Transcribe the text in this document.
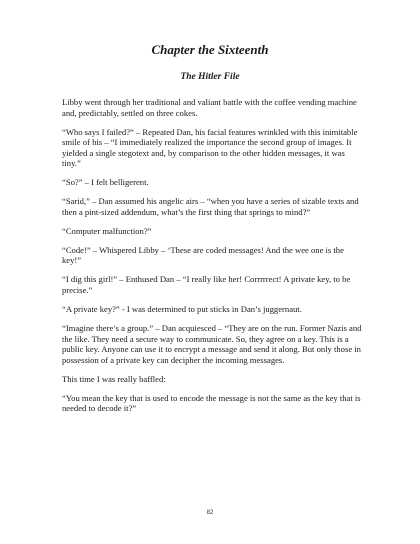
Chapter the Sixteenth
The Hitler File

Libby went through her traditional and valiant battle with the coffee vending machine and, predictably, settled on three cokes.

“Who says I failed?” – Repeated Dan, his facial features wrinkled with this inimitable smile of his – “I immediately realized the importance the second group of images. It yielded a single stegotext and, by comparison to the other hidden messages, it was tiny.”

“So?” – I felt belligerent.

“Sarid,” – Dan assumed his angelic airs – “when you have a series of sizable texts and then a pint-sized addendum, what’s the first thing that springs to mind?”

“Computer malfunction?”

“Code!” – Whispered Libby – ‘These are coded messages! And the wee one is the key!”

“I dig this girl!” – Enthused Dan – “I really like her! Corrrrrect! A private key, to be precise.”

“A private key?” - I was determined to put sticks in Dan’s juggernaut.

“Imagine there’s a group.” – Dan acquiesced – “They are on the run. Former Nazis and the like. They need a secure way to communicate. So, they agree on a key. This is a public key. Anyone can use it to encrypt a message and send it along. But only those in possession of a private key can decipher the incoming messages.

This time I was really baffled:

“You mean the key that is used to encode the message is not the same as the key that is needed to decode it?”

82
